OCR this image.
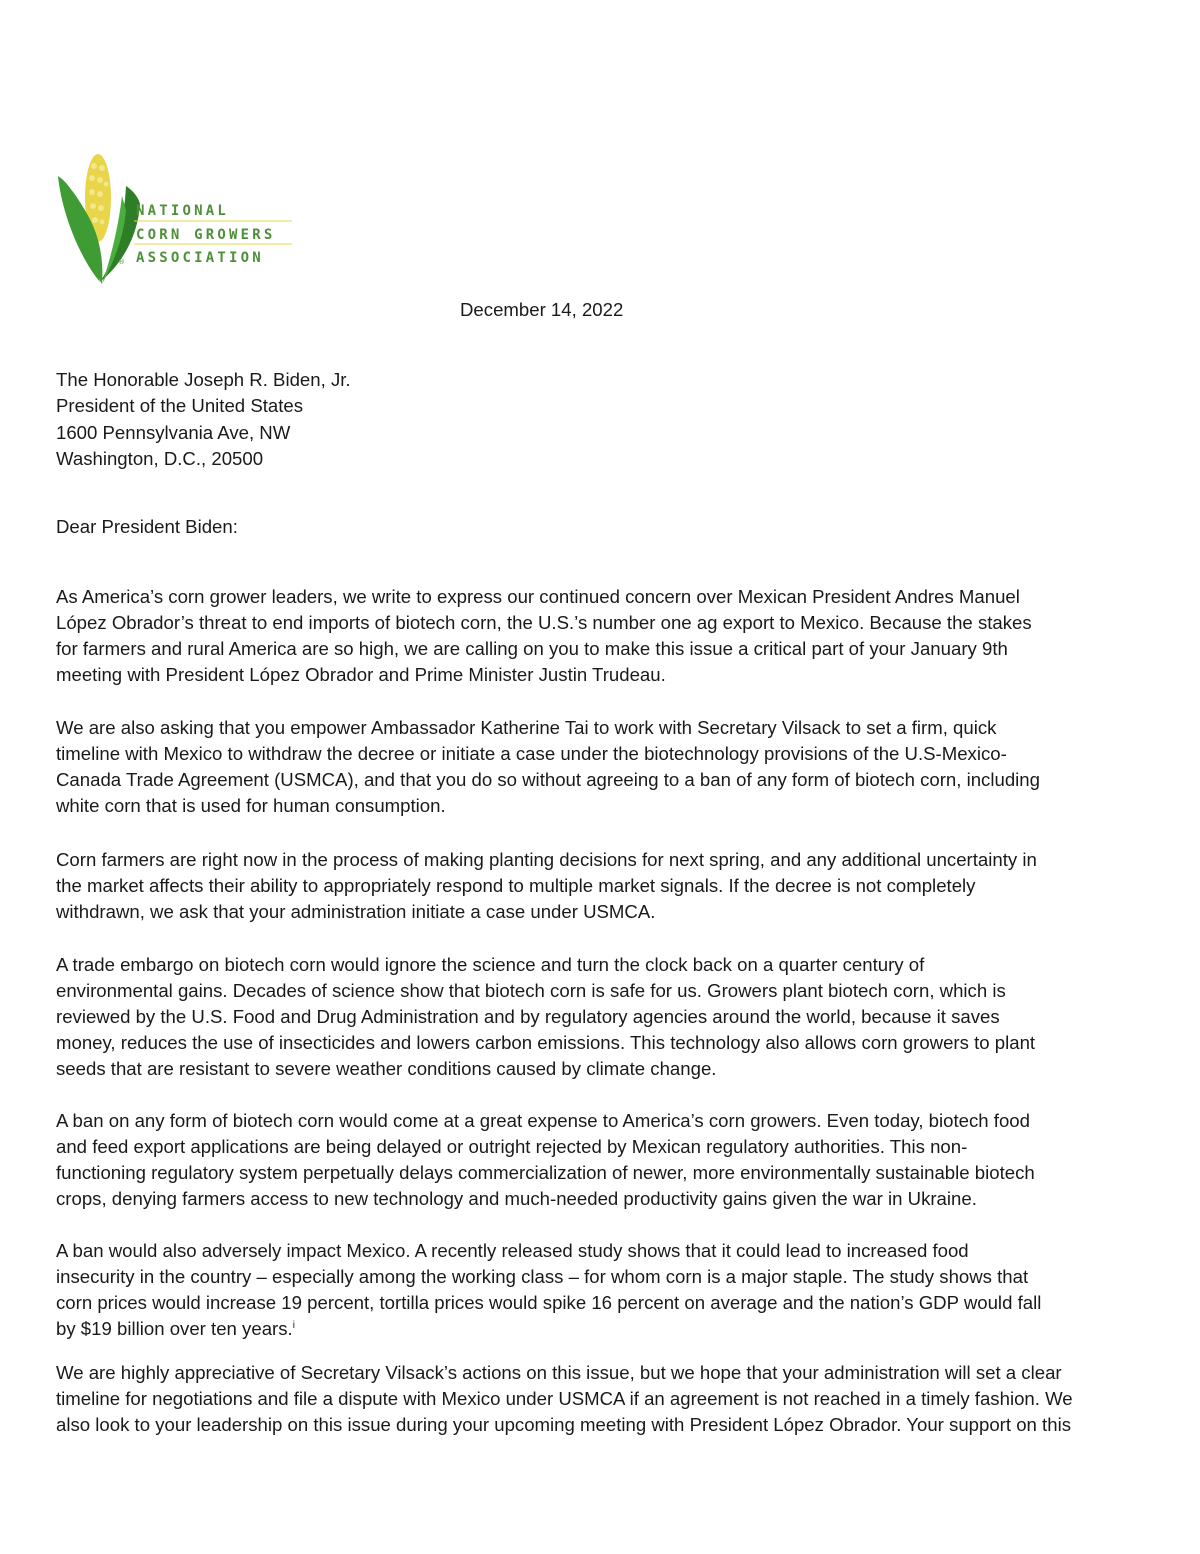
NATIONAL
CORN GROWERS
ASSOCIATION
®
December 14, 2022
The Honorable Joseph R. Biden, Jr.
President of the United States
1600 Pennsylvania Ave, NW
Washington, D.C., 20500
Dear President Biden:
As America’s corn grower leaders, we write to express our continued concern over Mexican President Andres Manuel
López Obrador’s threat to end imports of biotech corn, the U.S.’s number one ag export to Mexico. Because the stakes
for farmers and rural America are so high, we are calling on you to make this issue a critical part of your January 9th
meeting with President López Obrador and Prime Minister Justin Trudeau.
We are also asking that you empower Ambassador Katherine Tai to work with Secretary Vilsack to set a firm, quick
timeline with Mexico to withdraw the decree or initiate a case under the biotechnology provisions of the U.S-Mexico-
Canada Trade Agreement (USMCA), and that you do so without agreeing to a ban of any form of biotech corn, including
white corn that is used for human consumption.
Corn farmers are right now in the process of making planting decisions for next spring, and any additional uncertainty in
the market affects their ability to appropriately respond to multiple market signals. If the decree is not completely
withdrawn, we ask that your administration initiate a case under USMCA.
A trade embargo on biotech corn would ignore the science and turn the clock back on a quarter century of
environmental gains. Decades of science show that biotech corn is safe for us. Growers plant biotech corn, which is
reviewed by the U.S. Food and Drug Administration and by regulatory agencies around the world, because it saves
money, reduces the use of insecticides and lowers carbon emissions. This technology also allows corn growers to plant
seeds that are resistant to severe weather conditions caused by climate change.
A ban on any form of biotech corn would come at a great expense to America’s corn growers. Even today, biotech food
and feed export applications are being delayed or outright rejected by Mexican regulatory authorities. This non-
functioning regulatory system perpetually delays commercialization of newer, more environmentally sustainable biotech
crops, denying farmers access to new technology and much-needed productivity gains given the war in Ukraine.
A ban would also adversely impact Mexico. A recently released study shows that it could lead to increased food
insecurity in the country – especially among the working class – for whom corn is a major staple. The study shows that
corn prices would increase 19 percent, tortilla prices would spike 16 percent on average and the nation’s GDP would fall
by $19 billion over ten years.$^i$
We are highly appreciative of Secretary Vilsack’s actions on this issue, but we hope that your administration will set a clear
timeline for negotiations and file a dispute with Mexico under USMCA if an agreement is not reached in a timely fashion. We
also look to your leadership on this issue during your upcoming meeting with President López Obrador. Your support on this
